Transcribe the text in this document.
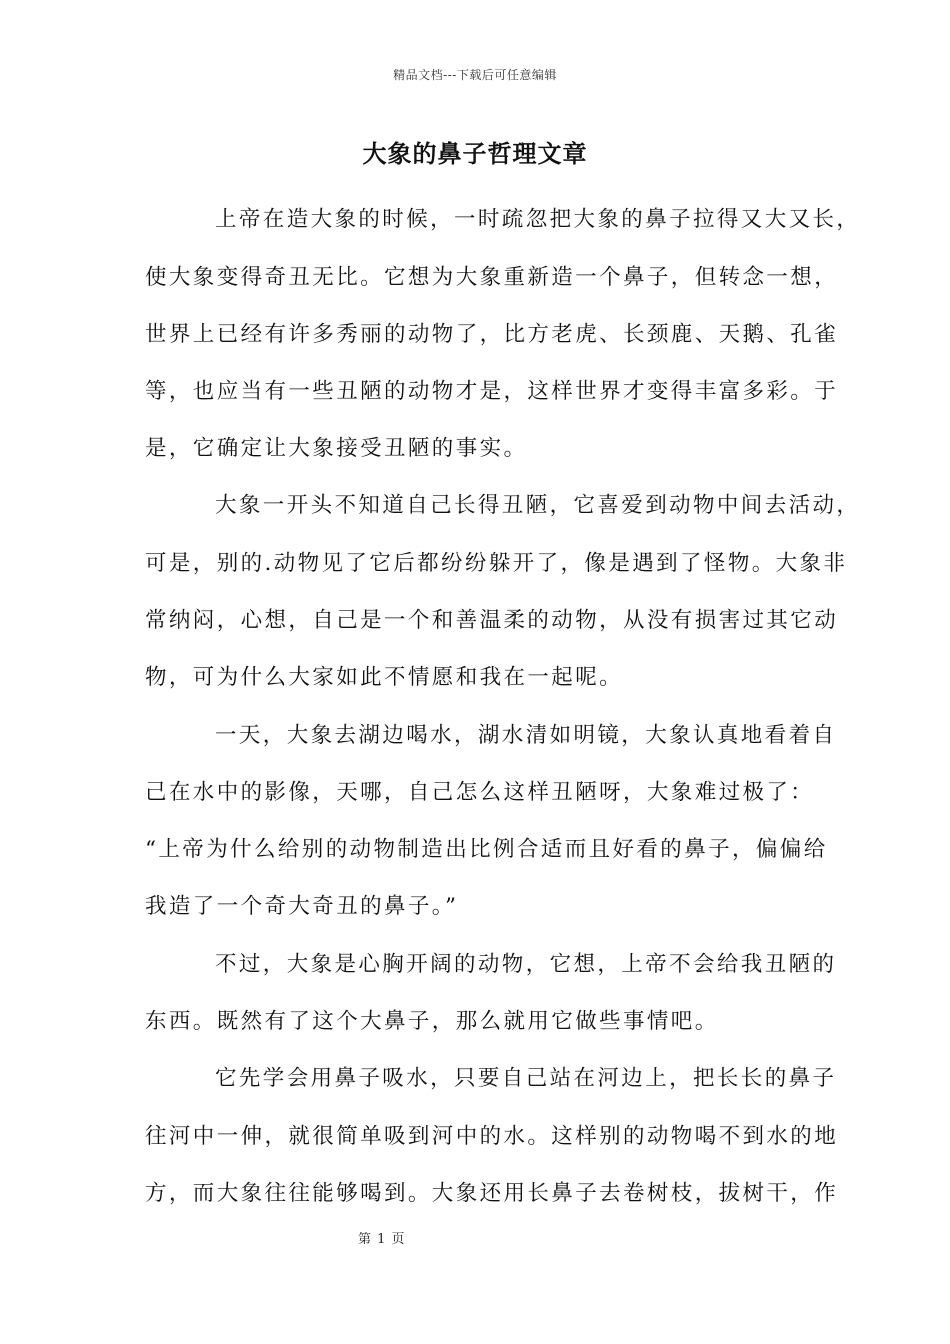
精品文档---下载后可任意编辑
大象的鼻子哲理文章
上帝在造大象的时候，一时疏忽把大象的鼻子拉得又大又长，
使大象变得奇丑无比。它想为大象重新造一个鼻子，但转念一想，
世界上已经有许多秀丽的动物了，比方老虎、长颈鹿、天鹅、孔雀
等，也应当有一些丑陋的动物才是，这样世界才变得丰富多彩。于
是，它确定让大象接受丑陋的事实。
大象一开头不知道自己长得丑陋，它喜爱到动物中间去活动，
可是，别的.动物见了它后都纷纷躲开了，像是遇到了怪物。大象非
常纳闷，心想，自己是一个和善温柔的动物，从没有损害过其它动
物，可为什么大家如此不情愿和我在一起呢。
一天，大象去湖边喝水，湖水清如明镜，大象认真地看着自
己在水中的影像，天哪，自己怎么这样丑陋呀，大象难过极了：
“上帝为什么给别的动物制造出比例合适而且好看的鼻子，偏偏给
我造了一个奇大奇丑的鼻子。”
不过，大象是心胸开阔的动物，它想，上帝不会给我丑陋的
东西。既然有了这个大鼻子，那么就用它做些事情吧。
它先学会用鼻子吸水，只要自己站在河边上，把长长的鼻子
往河中一伸，就很简单吸到河中的水。这样别的动物喝不到水的地
方，而大象往往能够喝到。大象还用长鼻子去卷树枝，拔树干，作
第 1 页
